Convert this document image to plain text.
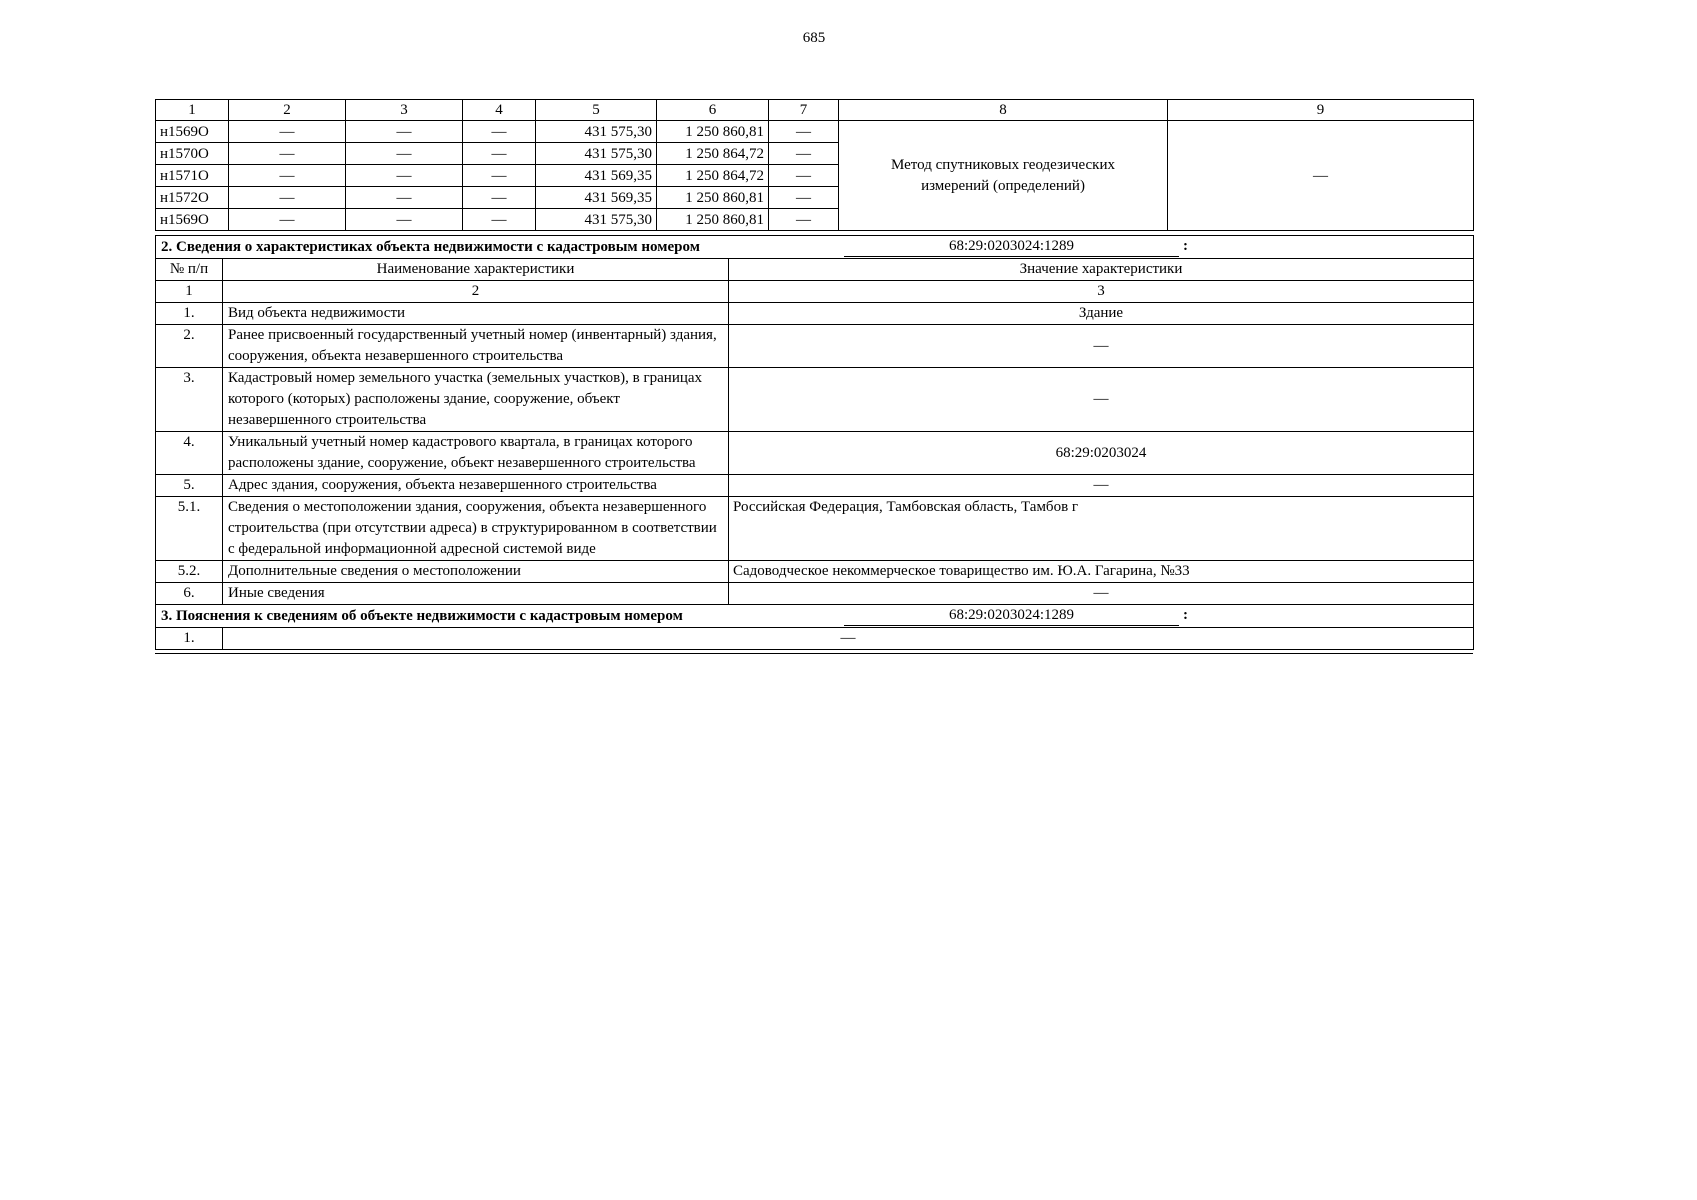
685
1	2	3	4	5	6	7	8	9
н1569О	—	—	—	431 575,30	1 250 860,81	—	Метод спутниковых геодезических измерений (определений)	—
н1570О	—	—	—	431 575,30	1 250 864,72	—		
н1571О	—	—	—	431 569,35	1 250 864,72	—		
н1572О	—	—	—	431 569,35	1 250 860,81	—		
н1569О	—	—	—	431 575,30	1 250 860,81	—		
2. Сведения о характеристиках объекта недвижимости с кадастровым номером 68:29:0203024:1289 :		

№ п/п	Наименование характеристики	Значение характеристики
1	2	3
1.	Вид объекта недвижимости	Здание
2.	Ранее присвоенный государственный учетный номер (инвентарный) здания, сооружения, объекта незавершенного строительства	—
3.	Кадастровый номер земельного участка (земельных участков), в границах которого (которых) расположены здание, сооружение, объект незавершенного строительства	—
4.	Уникальный учетный номер кадастрового квартала, в границах которого расположены здание, сооружение, объект незавершенного строительства	68:29:0203024
5.	Адрес здания, сооружения, объекта незавершенного строительства	—
5.1.	Сведения о местоположении здания, сооружения, объекта незавершенного строительства (при отсутствии адреса) в структурированном в соответствии с федеральной информационной адресной системой виде	Российская Федерация, Тамбовская область, Тамбов г
5.2.	Дополнительные сведения о местоположении	Садоводческое некоммерческое товарищество им. Ю.А. Гагарина, №33
6.	Иные сведения	—

3. Пояснения к сведениям об объекте недвижимости с кадастровым номером 68:29:0203024:1289 :		

1.	—	
